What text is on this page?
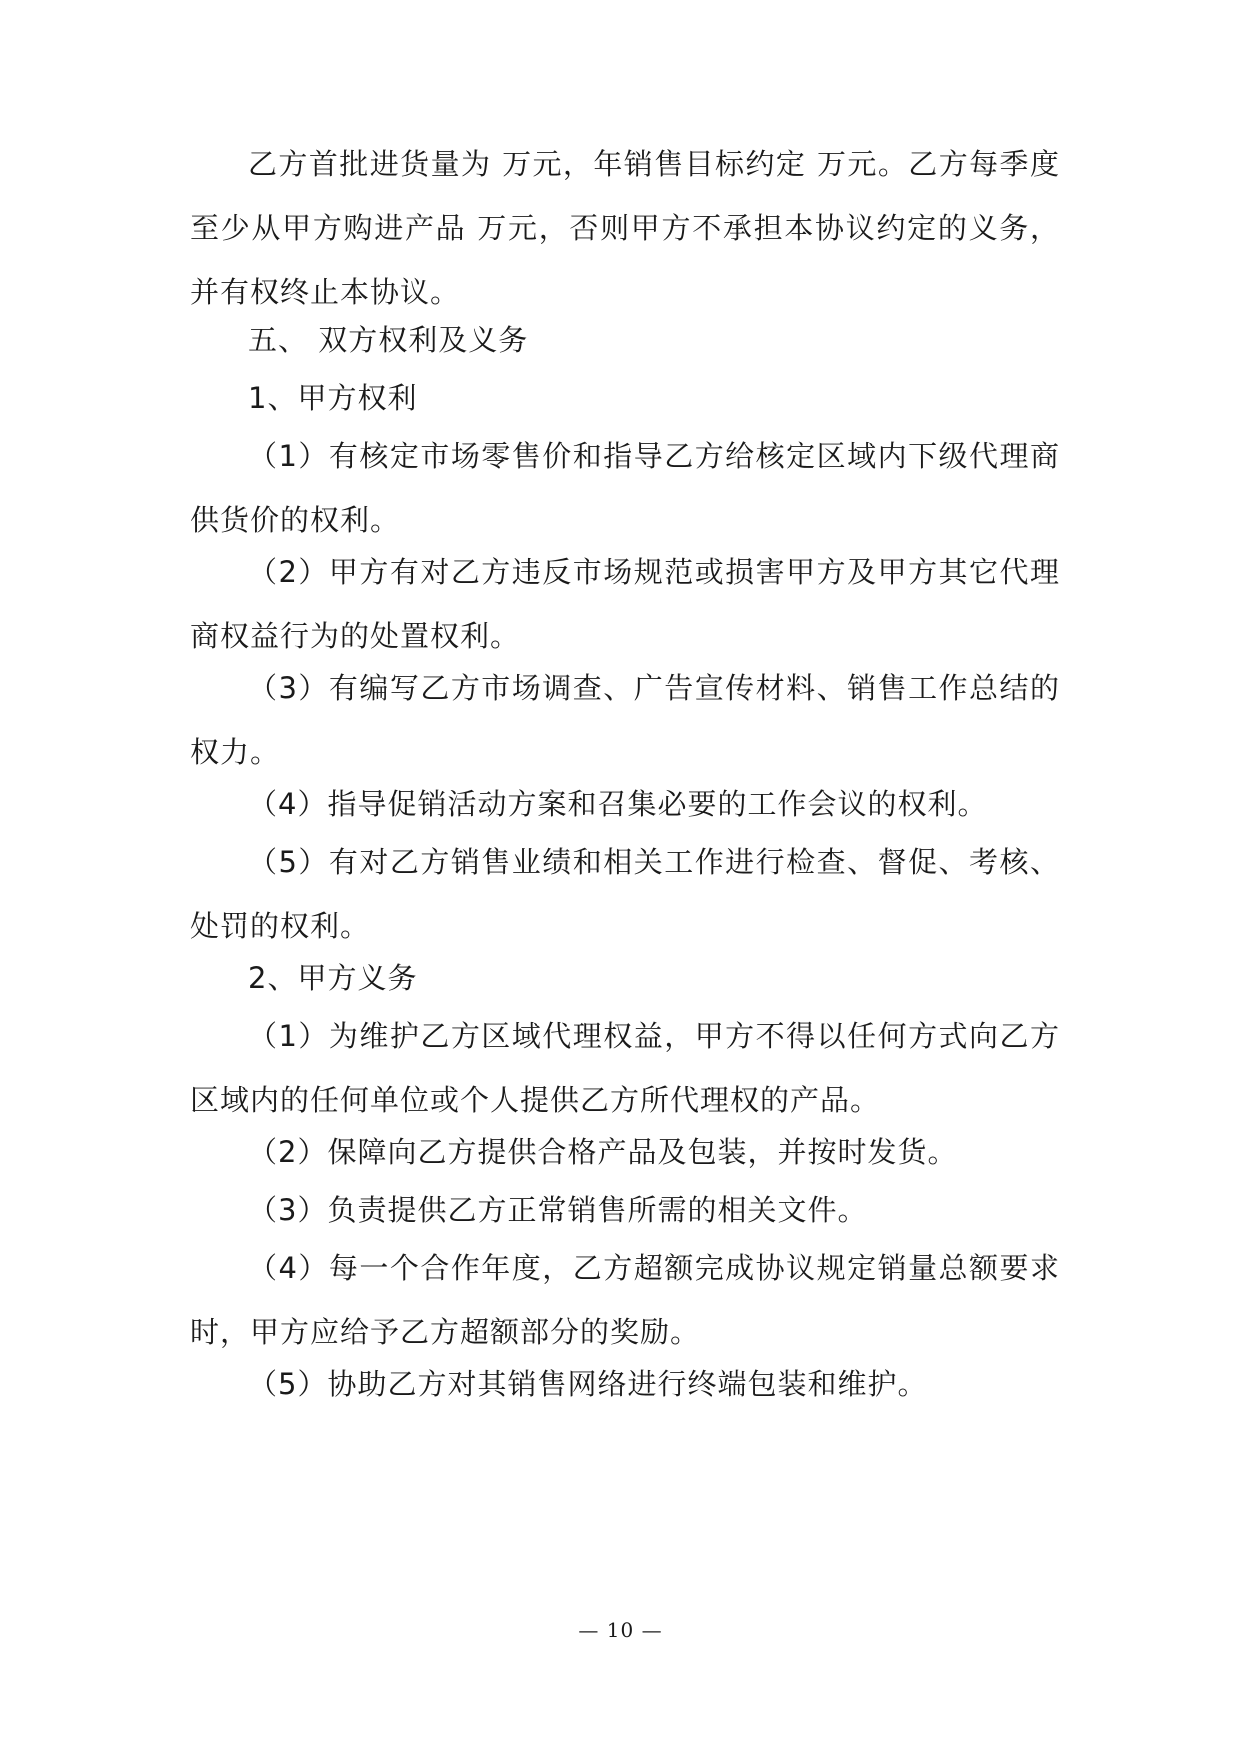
乙方首批进货量为 万元，年销售目标约定 万元。乙方每季度至少从甲方购进产品 万元，否则甲方不承担本协议约定的义务， 并有权终止本协议。

五、 双方权利及义务

1、甲方权利

（1）有核定市场零售价和指导乙方给核定区域内下级代理商供货价的权利。

（2）甲方有对乙方违反市场规范或损害甲方及甲方其它代理商权益行为的处置权利。

（3）有编写乙方市场调查、广告宣传材料、销售工作总结的权力。

（4）指导促销活动方案和召集必要的工作会议的权利。

（5）有对乙方销售业绩和相关工作进行检查、督促、考核、处罚的权利。

2、甲方义务

（1）为维护乙方区域代理权益，甲方不得以任何方式向乙方区域内的任何单位或个人提供乙方所代理权的产品。

（2）保障向乙方提供合格产品及包装，并按时发货。

（3）负责提供乙方正常销售所需的相关文件。

（4）每一个合作年度，乙方超额完成协议规定销量总额要求时，甲方应给予乙方超额部分的奖励。

（5）协助乙方对其销售网络进行终端包装和维护。

— 10 —
